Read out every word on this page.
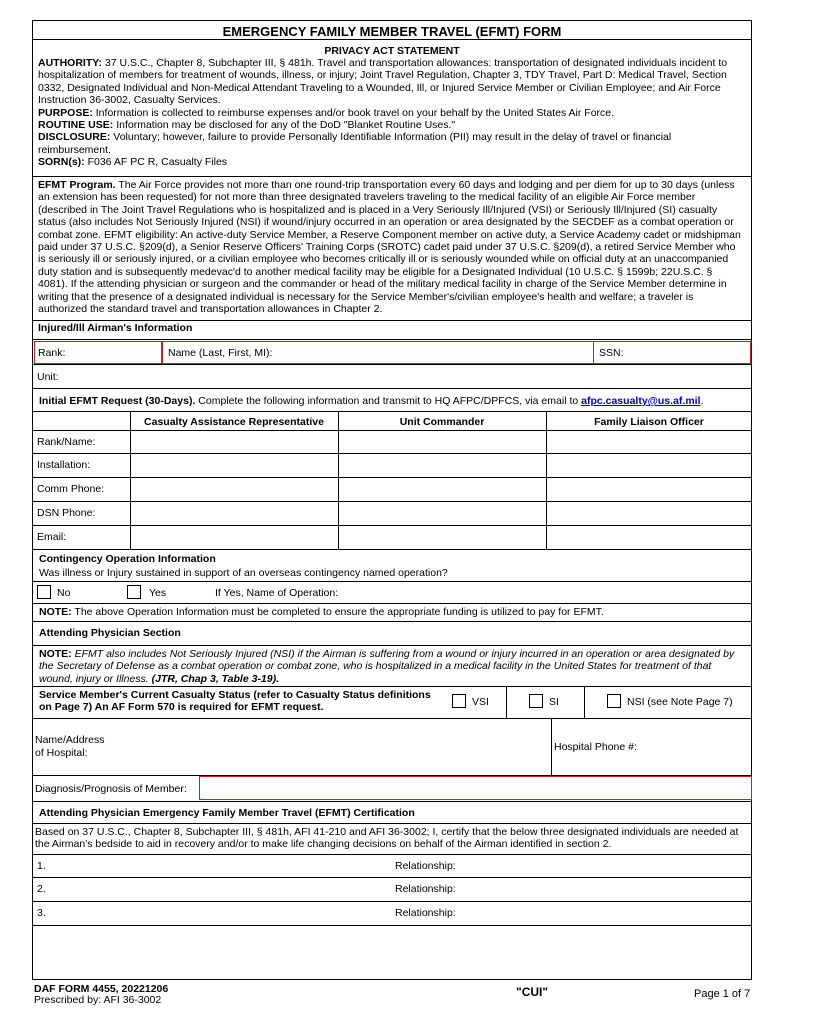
EMERGENCY FAMILY MEMBER TRAVEL (EFMT) FORM
PRIVACY ACT STATEMENT
AUTHORITY: 37 U.S.C., Chapter 8, Subchapter III, § 481h. Travel and transportation allowances: transportation of designated individuals incident to hospitalization of members for treatment of wounds, illness, or injury; Joint Travel Regulation, Chapter 3, TDY Travel, Part D: Medical Travel, Section 0332, Designated Individual and Non-Medical Attendant Traveling to a Wounded, Ill, or Injured Service Member or Civilian Employee; and Air Force Instruction 36-3002, Casualty Services.
PURPOSE: Information is collected to reimburse expenses and/or book travel on your behalf by the United States Air Force.
ROUTINE USE: Information may be disclosed for any of the DoD "Blanket Routine Uses."
DISCLOSURE: Voluntary; however, failure to provide Personally Identifiable Information (PII) may result in the delay of travel or financial reimbursement.
SORN(s): F036 AF PC R, Casualty Files
EFMT Program. The Air Force provides not more than one round-trip transportation every 60 days and lodging and per diem for up to 30 days (unless an extension has been requested) for not more than three designated travelers traveling to the medical facility of an eligible Air Force member (described in The Joint Travel Regulations who is hospitalized and is placed in a Very Seriously Ill/Injured (VSI) or Seriously Ill/Injured (SI) casualty status (also includes Not Seriously Injured (NSI) if wound/injury occurred in an operation or area designated by the SECDEF as a combat operation or combat zone. EFMT eligibility: An active-duty Service Member, a Reserve Component member on active duty, a Service Academy cadet or midshipman paid under 37 U.S.C. §209(d), a Senior Reserve Officers' Training Corps (SROTC) cadet paid under 37 U.S.C. §209(d), a retired Service Member who is seriously ill or seriously injured, or a civilian employee who becomes critically ill or is seriously wounded while on official duty at an unaccompanied duty station and is subsequently medevac'd to another medical facility may be eligible for a Designated Individual (10 U.S.C. § 1599b; 22U.S.C. § 4081). If the attending physician or surgeon and the commander or head of the military medical facility in charge of the Service Member determine in writing that the presence of a designated individual is necessary for the Service Member's/civilian employee's health and welfare; a traveler is authorized the standard travel and transportation allowances in Chapter 2.
Injured/Ill Airman's Information
Rank:	Name (Last, First, MI):	SSN:
Unit:
Initial EFMT Request (30-Days). Complete the following information and transmit to HQ AFPC/DPFCS, via email to afpc.casualty@us.af.mil.
Casualty Assistance Representative	Unit Commander	Family Liaison Officer
Rank/Name:
Installation:
Comm Phone:
DSN Phone:
Email:
Contingency Operation Information
Was illness or Injury sustained in support of an overseas contingency named operation?
No	Yes	If Yes, Name of Operation:
NOTE: The above Operation Information must be completed to ensure the appropriate funding is utilized to pay for EFMT.
Attending Physician Section
NOTE: EFMT also includes Not Seriously Injured (NSI) if the Airman is suffering from a wound or injury incurred in an operation or area designated by the Secretary of Defense as a combat operation or combat zone, who is hospitalized in a medical facility in the United States for treatment of that wound, injury or Illness. (JTR, Chap 3, Table 3-19).
Service Member's Current Casualty Status (refer to Casualty Status definitions on Page 7) An AF Form 570 is required for EFMT request.	VSI	SI	NSI (see Note Page 7)
Name/Address
of Hospital:	Hospital Phone #:
Diagnosis/Prognosis of Member:
Attending Physician Emergency Family Member Travel (EFMT) Certification
Based on 37 U.S.C., Chapter 8, Subchapter III, § 481h, AFI 41-210 and AFI 36-3002; I, certify that the below three designated individuals are needed at the Airman's bedside to aid in recovery and/or to make life changing decisions on behalf of the Airman identified in section 2.
1.	Relationship:
2.	Relationship:
3.	Relationship:
DAF FORM 4455, 20221206
Prescribed by: AFI 36-3002
"CUI"	Page 1 of 7
